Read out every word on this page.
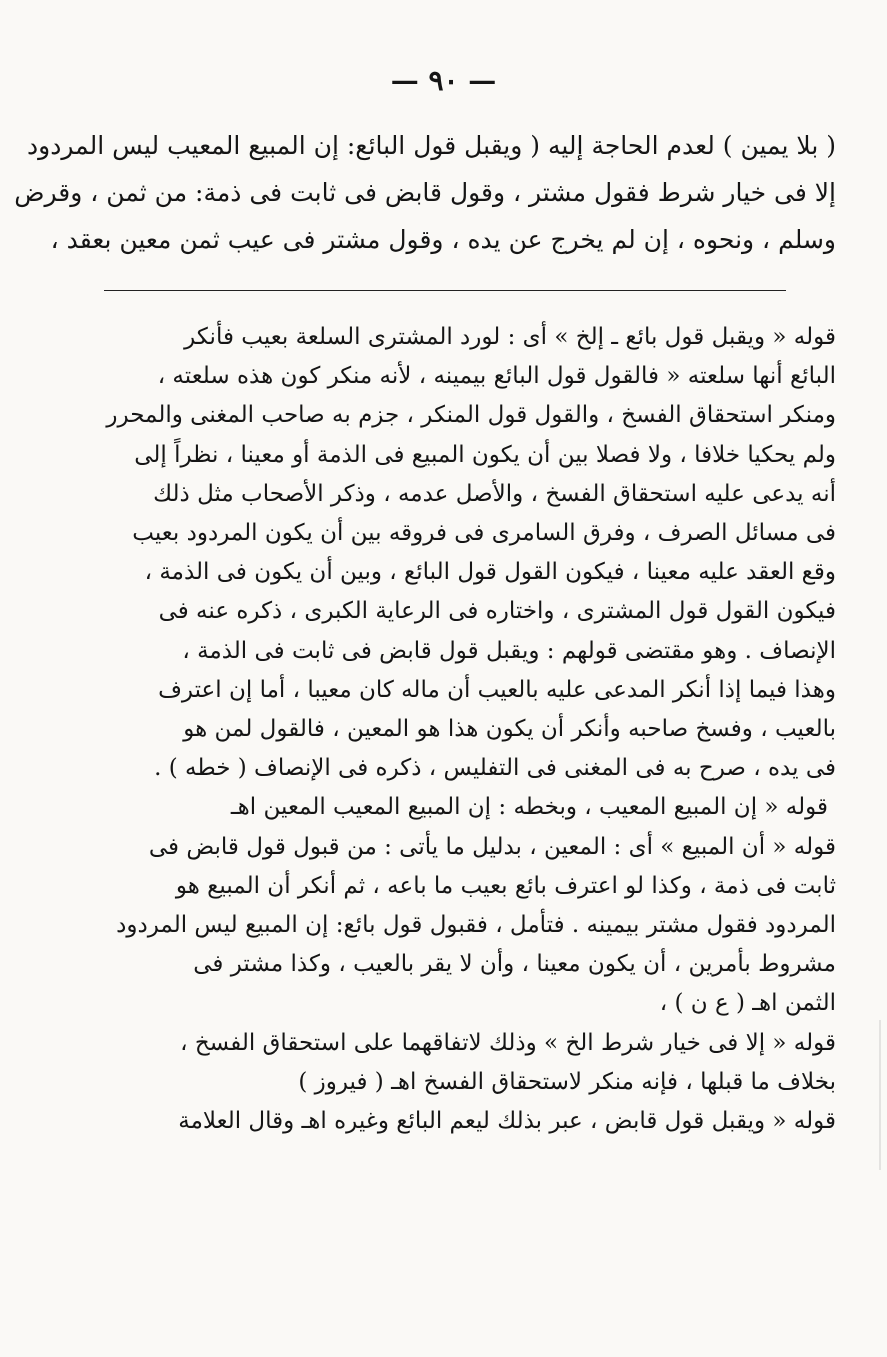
— ٩٠ —
( بلا يمين ) لعدم الحاجة إليه ( ويقبل قول البائع: إن المبيع المعيب ليس المردود
إلا فى خيار شرط فقول مشتر ، وقول قابض فى ثابت فى ذمة: من ثمن ، وقرض
وسلم ، ونحوه ، إن لم يخرج عن يده ، وقول مشتر فى عيب ثمن معين بعقد ،
قوله « ويقبل قول بائع ـ إلخ » أى : لورد المشترى السلعة بعيب فأنكر
البائع أنها سلعته « فالقول قول البائع بيمينه ، لأنه منكر كون هذه سلعته ،
ومنكر استحقاق الفسخ ، والقول قول المنكر ، جزم به صاحب المغنى والمحرر
ولم يحكيا خلافا ، ولا فصلا بين أن يكون المبيع فى الذمة أو معينا ، نظراً إلى
أنه يدعى عليه استحقاق الفسخ ، والأصل عدمه ، وذكر الأصحاب مثل ذلك
فى مسائل الصرف ، وفرق السامرى فى فروقه بين أن يكون المردود بعيب
وقع العقد عليه معينا ، فيكون القول قول البائع ، وبين أن يكون فى الذمة ،
فيكون القول قول المشترى ، واختاره فى الرعاية الكبرى ، ذكره عنه فى
الإنصاف . وهو مقتضى قولهم : ويقبل قول قابض فى ثابت فى الذمة ،
وهذا فيما إذا أنكر المدعى عليه بالعيب أن ماله كان معيبا ، أما إن اعترف
بالعيب ، وفسخ صاحبه وأنكر أن يكون هذا هو المعين ، فالقول لمن هو
فى يده ، صرح به فى المغنى فى التفليس ، ذكره فى الإنصاف ( خطه ) .
قوله « إن المبيع المعيب ، وبخطه : إن المبيع المعيب المعين اهـ
قوله « أن المبيع » أى : المعين ، بدليل ما يأتى : من قبول قول قابض فى
ثابت فى ذمة ، وكذا لو اعترف بائع بعيب ما باعه ، ثم أنكر أن المبيع هو
المردود فقول مشتر بيمينه . فتأمل ، فقبول قول بائع: إن المبيع ليس المردود
مشروط بأمرين ، أن يكون معينا ، وأن لا يقر بالعيب ، وكذا مشتر فى
الثمن اهـ ( ع ن ) ،
قوله « إلا فى خيار شرط الخ » وذلك لاتفاقهما على استحقاق الفسخ ،
بخلاف ما قبلها ، فإنه منكر لاستحقاق الفسخ اهـ ( فيروز )
قوله « ويقبل قول قابض ، عبر بذلك ليعم البائع وغيره اهـ وقال العلامة
